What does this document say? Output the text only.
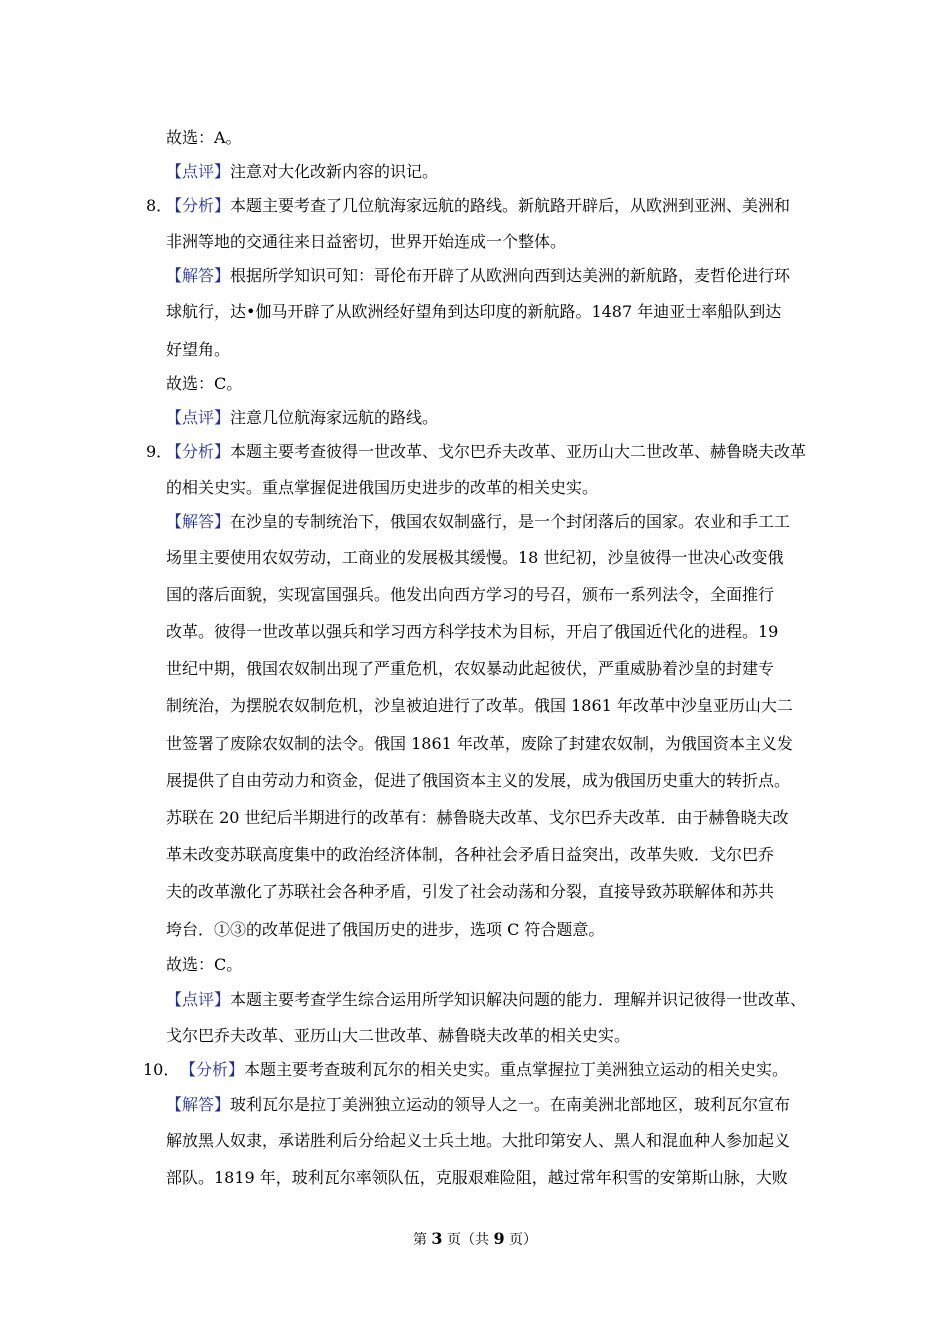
故选：A。
【点评】注意对大化改新内容的识记。
8．
【分析】本题主要考查了几位航海家远航的路线。新航路开辟后，从欧洲到亚洲、美洲和
非洲等地的交通往来日益密切，世界开始连成一个整体。
【解答】根据所学知识可知：哥伦布开辟了从欧洲向西到达美洲的新航路，麦哲伦进行环
球航行，达•伽马开辟了从欧洲经好望角到达印度的新航路。1487 年迪亚士率船队到达
好望角。
故选：C。
【点评】注意几位航海家远航的路线。
9．
【分析】本题主要考查彼得一世改革、戈尔巴乔夫改革、亚历山大二世改革、赫鲁晓夫改革
的相关史实。重点掌握促进俄国历史进步的改革的相关史实。
【解答】在沙皇的专制统治下，俄国农奴制盛行，是一个封闭落后的国家。农业和手工工
场里主要使用农奴劳动，工商业的发展极其缓慢。18 世纪初，沙皇彼得一世决心改变俄
国的落后面貌，实现富国强兵。他发出向西方学习的号召，颁布一系列法令，全面推行
改革。彼得一世改革以强兵和学习西方科学技术为目标，开启了俄国近代化的进程。19
世纪中期，俄国农奴制出现了严重危机，农奴暴动此起彼伏，严重威胁着沙皇的封建专
制统治，为摆脱农奴制危机，沙皇被迫进行了改革。俄国 1861 年改革中沙皇亚历山大二
世签署了废除农奴制的法令。俄国 1861 年改革，废除了封建农奴制，为俄国资本主义发
展提供了自由劳动力和资金，促进了俄国资本主义的发展，成为俄国历史重大的转折点。
苏联在 20 世纪后半期进行的改革有：赫鲁晓夫改革、戈尔巴乔夫改革．由于赫鲁晓夫改
革未改变苏联高度集中的政治经济体制，各种社会矛盾日益突出，改革失败．戈尔巴乔
夫的改革激化了苏联社会各种矛盾，引发了社会动荡和分裂，直接导致苏联解体和苏共
垮台．①③的改革促进了俄国历史的进步，选项 C 符合题意。
故选：C。
【点评】本题主要考查学生综合运用所学知识解决问题的能力．理解并识记彼得一世改革、
戈尔巴乔夫改革、亚历山大二世改革、赫鲁晓夫改革的相关史实。
10． 【分析】本题主要考查玻利瓦尔的相关史实。重点掌握拉丁美洲独立运动的相关史实。
【解答】玻利瓦尔是拉丁美洲独立运动的领导人之一。在南美洲北部地区，玻利瓦尔宣布
解放黑人奴隶，承诺胜利后分给起义士兵土地。大批印第安人、黑人和混血种人参加起义
部队。1819 年，玻利瓦尔率领队伍，克服艰难险阻，越过常年积雪的安第斯山脉，大败
第 3 页（共 9 页）
